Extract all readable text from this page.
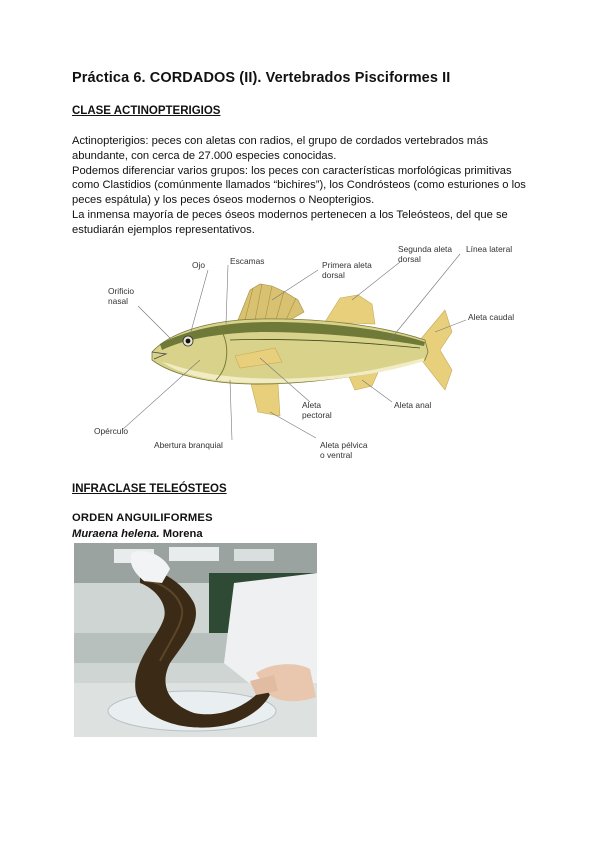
Práctica 6. CORDADOS (II). Vertebrados Pisciformes II
CLASE ACTINOPTERIGIOS

Actinopterigios: peces con aletas con radios, el grupo de cordados vertebrados más abundante, con cerca de 27.000 especies conocidas.

Podemos diferenciar varios grupos: los peces con características morfológicas primitivas como Clastidios (comúnmente llamados “bichires”), los Condrósteos (como esturiones o los peces espátula) y los peces óseos modernos o Neopterigios.

La inmensa mayoría de peces óseos modernos pertenecen a los Teleósteos, del que se estudiarán ejemplos representativos.

Ojo	Escamas	Primera aleta
dorsal
Segunda aleta
dorsal
Línea lateral
Orificio
nasal
Aleta caudal
Aleta
pectoral
Aleta anal
Opérculo
Abertura branquial	Aleta pélvica
o ventral
INFRACLASE TELEÓSTEOS
ORDEN ANGUILIFORMES
Muraena helena. Morena
